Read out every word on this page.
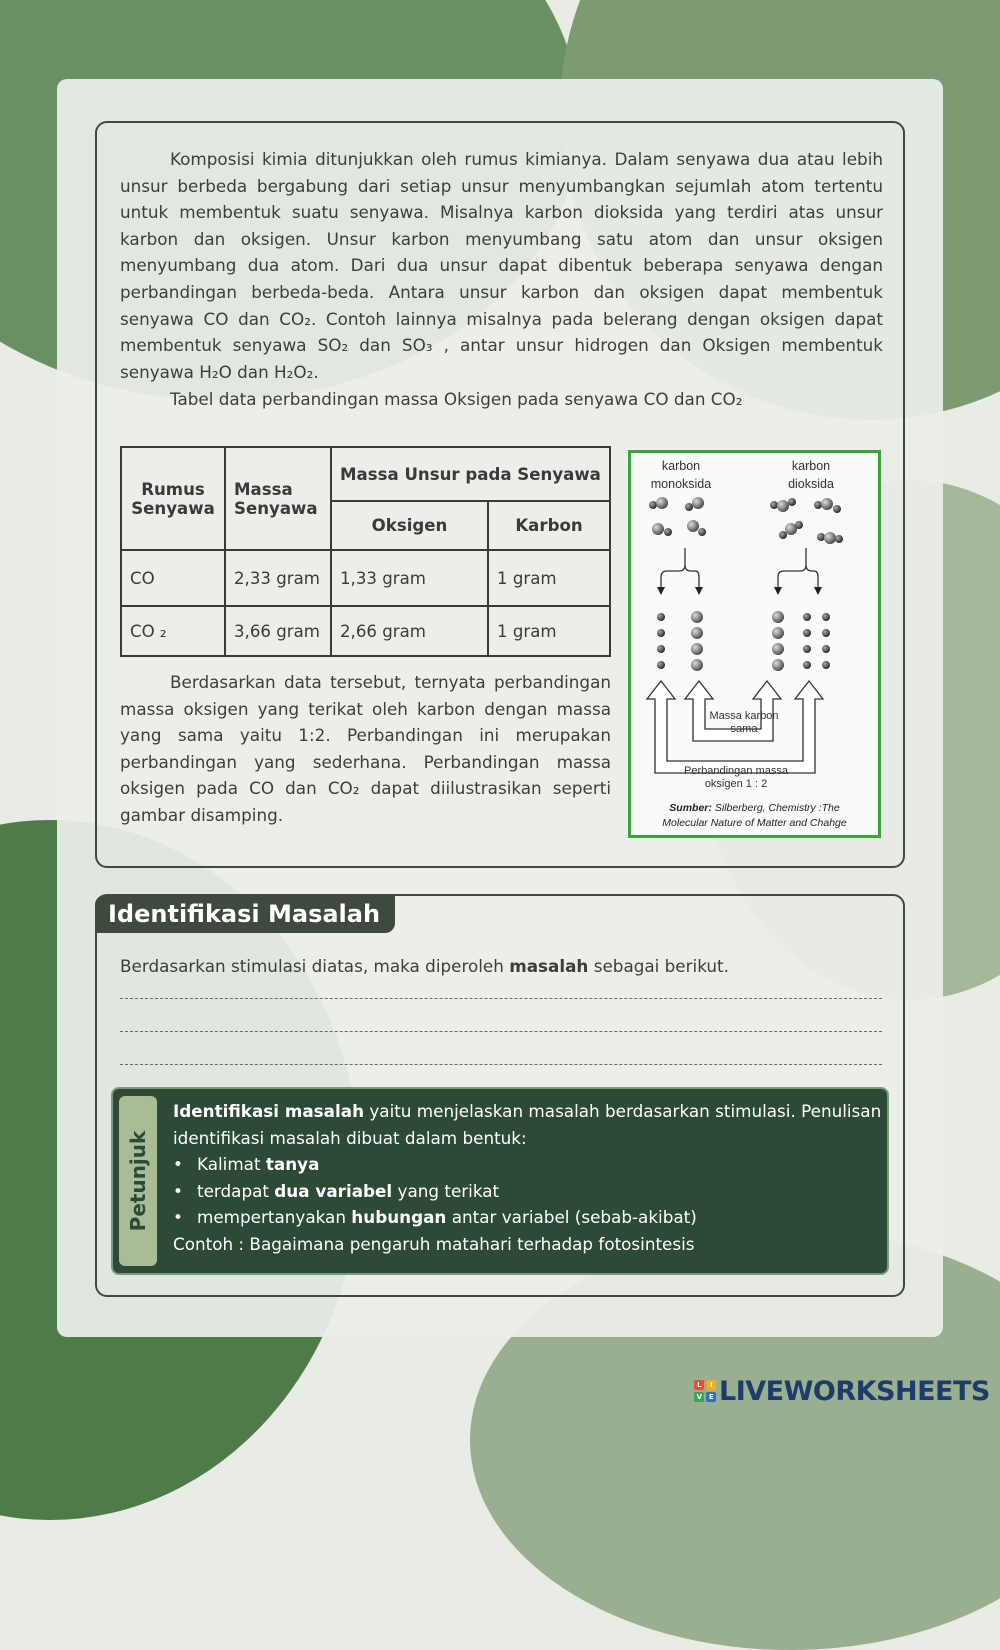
Komposisi kimia ditunjukkan oleh rumus kimianya. Dalam senyawa dua atau lebih unsur berbeda bergabung dari setiap unsur menyumbangkan sejumlah atom tertentu untuk membentuk suatu senyawa. Misalnya karbon dioksida yang terdiri atas unsur karbon dan oksigen. Unsur karbon menyumbang satu atom dan unsur oksigen menyumbang dua atom. Dari dua unsur dapat dibentuk beberapa senyawa dengan perbandingan berbeda-beda. Antara unsur karbon dan oksigen dapat membentuk senyawa CO dan CO₂. Contoh lainnya misalnya pada belerang dengan oksigen dapat membentuk senyawa SO₂ dan SO₃ , antar unsur hidrogen dan Oksigen membentuk senyawa H₂O dan H₂O₂.

Tabel data perbandingan massa Oksigen pada senyawa CO dan CO₂

Rumus Senyawa	Massa Senyawa	Massa Unsur pada Senyawa	
		Oksigen	Karbon
CO	2,33 gram	1,33 gram	1 gram
CO ₂	3,66 gram	2,66 gram	1 gram

Berdasarkan data tersebut, ternyata perbandingan massa oksigen yang terikat oleh karbon dengan massa yang sama yaitu 1:2. Perbandingan ini merupakan perbandingan yang sederhana. Perbandingan massa oksigen pada CO dan CO₂ dapat diilustrasikan seperti gambar disamping.

karbon
monoksida
karbon
dioksida
Massa karbon
sama
Perbandingan massa
oksigen 1 : 2
Sumber: Silberberg, Chemistry :The
Molecular Nature of Matter and Chahge
Identifikasi Masalah

Berdasarkan stimulasi diatas, maka diperoleh masalah sebagai berikut.

Petunjuk
Identifikasi masalah yaitu menjelaskan masalah berdasarkan stimulasi. Penulisan
identifikasi masalah dibuat dalam bentuk:
• Kalimat tanya
• terdapat dua variabel yang terikat
• mempertanyakan hubungan antar variabel (sebab-akibat)
Contoh : Bagaimana pengaruh matahari terhadap fotosintesis
L	I
V	E LIVEWORKSHEETS
